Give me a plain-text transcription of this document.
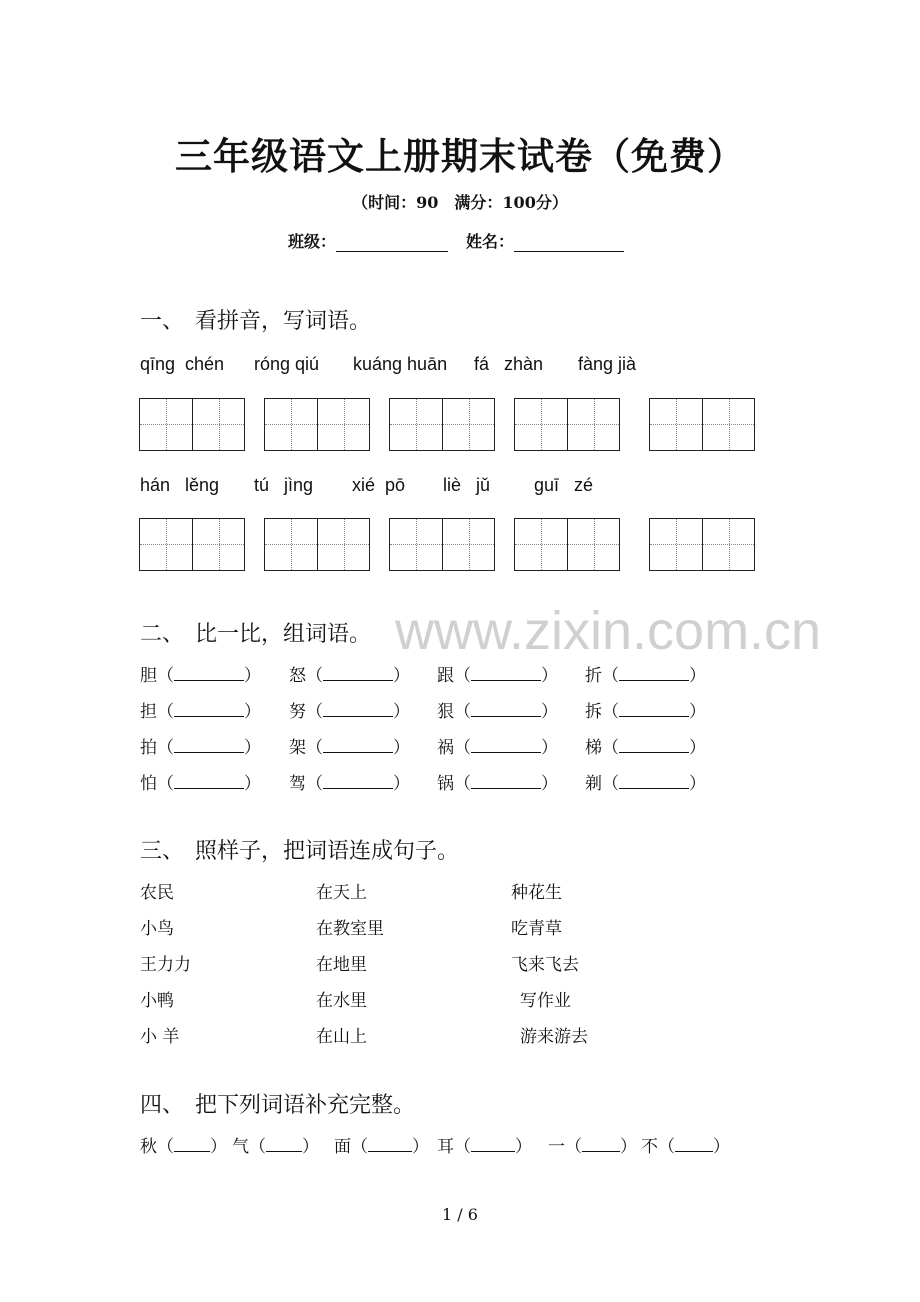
三年级语文上册期末试卷（免费）
（时间：90　满分：100分）
班级：	姓名：
www.zixin.com.cn
一、　看拼音，写词语。
qīng  chén róng qiú kuáng huān fá   zhàn fàng jià
hán   lěng tú   jìng xié  pō liè   jǔ guī   zé
二、　比一比，组词语。
胆（	） 怒（	） 跟（	） 折（	）
担（	） 努（	） 狠（	） 拆（	）
拍（	） 架（	） 祸（	） 梯（	）
怕（	） 驾（	） 锅（	） 剃（	）
三、　照样子，把词语连成句子。
农民	在天上	种花生
小鸟	在教室里	吃青草
王力力	在地里	飞来飞去
小鸭	在水里	写作业
小 羊	在山上	游来游去
四、　把下列词语补充完整。
秋（ ） 气（ ） 面（	） 耳（	） 一（ ） 不（ ）
1 / 6
